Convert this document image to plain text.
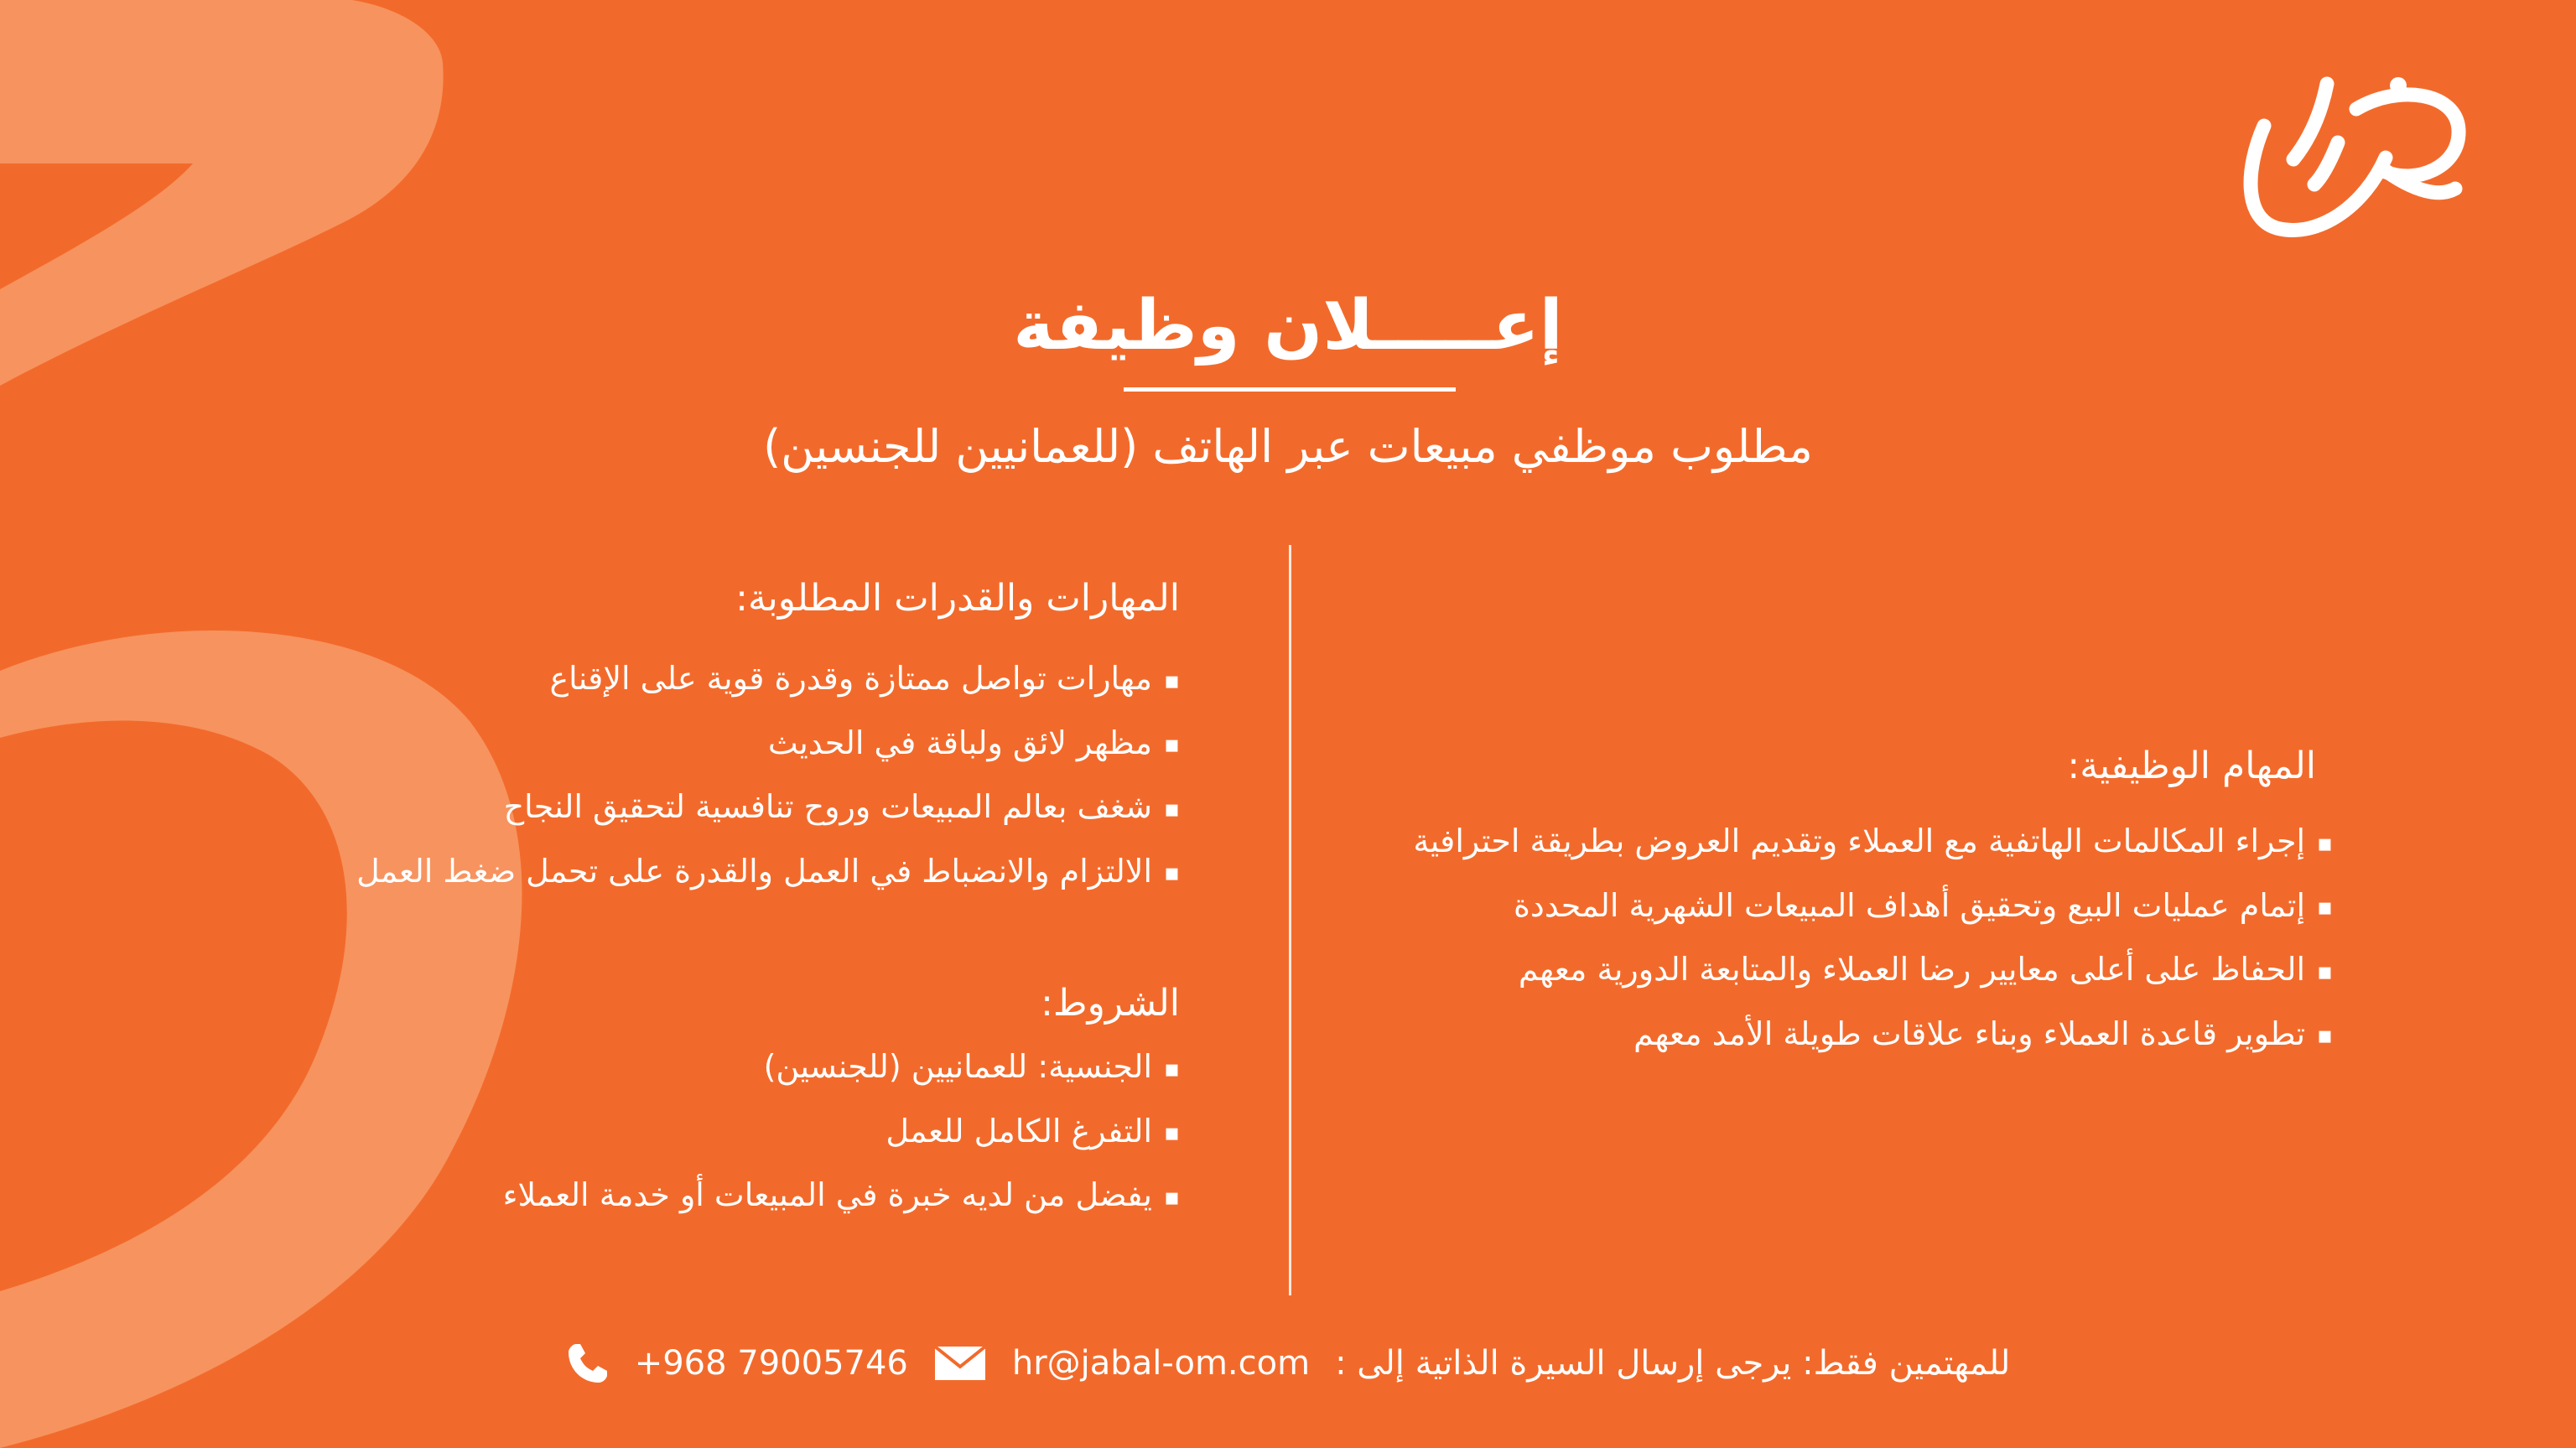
إعـــــلان وظيفة

مطلوب موظفي مبيعات عبر الهاتف (للعمانيين للجنسين)

المهام الوظيفية:
▪إجراء المكالمات الهاتفية مع العملاء وتقديم العروض بطريقة احترافية
▪إتمام عمليات البيع وتحقيق أهداف المبيعات الشهرية المحددة
▪الحفاظ على أعلى معايير رضا العملاء والمتابعة الدورية معهم
▪تطوير قاعدة العملاء وبناء علاقات طويلة الأمد معهم
المهارات والقدرات المطلوبة:
▪مهارات تواصل ممتازة وقدرة قوية على الإقناع
▪مظهر لائق ولباقة في الحديث
▪شغف بعالم المبيعات وروح تنافسية لتحقيق النجاح
▪الالتزام والانضباط في العمل والقدرة على تحمل ضغط العمل
الشروط:
▪الجنسية: للعمانيين (للجنسين)
▪التفرغ الكامل للعمل
▪يفضل من لديه خبرة في المبيعات أو خدمة العملاء
للمهتمين فقط: يرجى إرسال السيرة الذاتية إلى :
hr@jabal-om.com
+968 79005746
